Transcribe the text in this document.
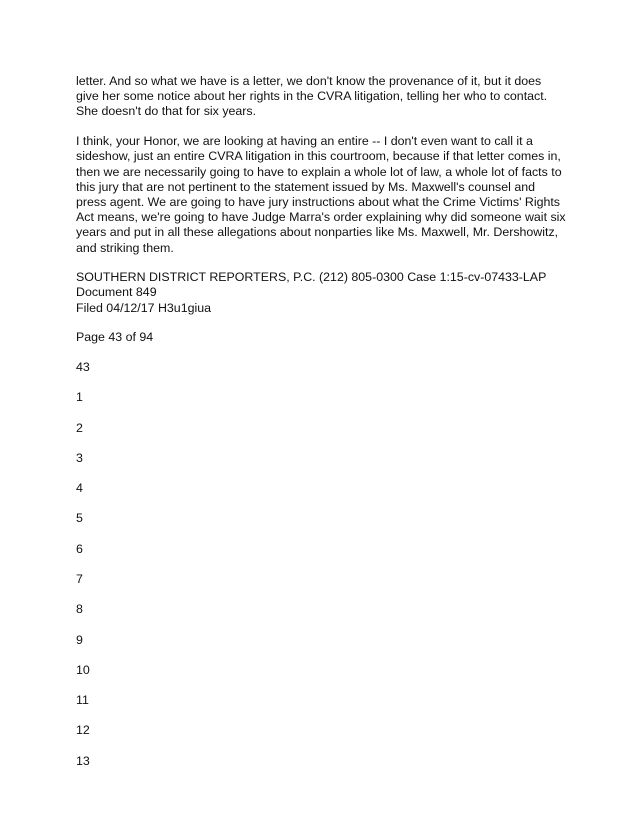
letter. And so what we have is a letter, we don't know the provenance of it, but it does give her some notice about her rights in the CVRA litigation, telling her who to contact. She doesn't do that for six years.

I think, your Honor, we are looking at having an entire -- I don't even want to call it a sideshow, just an entire CVRA litigation in this courtroom, because if that letter comes in, then we are necessarily going to have to explain a whole lot of law, a whole lot of facts to this jury that are not pertinent to the statement issued by Ms. Maxwell's counsel and press agent. We are going to have jury instructions about what the Crime Victims' Rights Act means, we're going to have Judge Marra's order explaining why did someone wait six years and put in all these allegations about nonparties like Ms. Maxwell, Mr. Dershowitz, and striking them.

SOUTHERN DISTRICT REPORTERS, P.C. (212) 805-0300 Case 1:15-cv-07433-LAP Document 849

Filed 04/12/17 H3u1giua

Page 43 of 94

43

1
2
3
4
5
6
7
8
9
10
11
12
13
